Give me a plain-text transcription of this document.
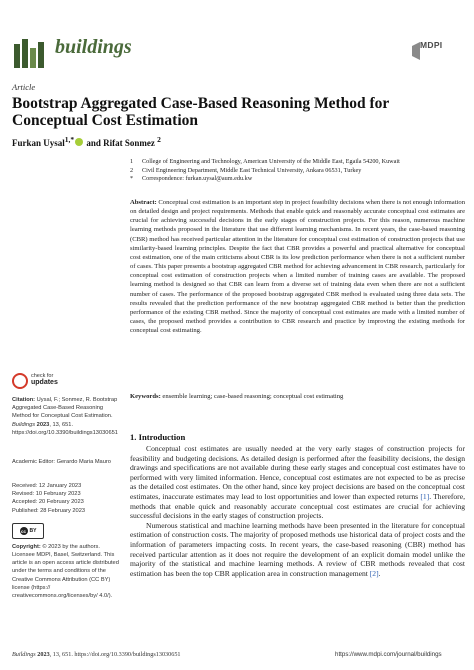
buildings	MDPI
Article
Bootstrap Aggregated Case-Based Reasoning Method for Conceptual Cost Estimation
Furkan Uysal$^{1,*}$ and Rifat Sonmez $^2$
1	College of Engineering and Technology, American University of the Middle East, Egaila 54200, Kuwait
2	Civil Engineering Department, Middle East Technical University, Ankara 06531, Turkey
*	Correspondence: furkan.uysal@aum.edu.kw
Abstract: Conceptual cost estimation is an important step in project feasibility decisions when there is not enough information on detailed design and project requirements. Methods that enable quick and reasonably accurate conceptual cost estimates are crucial for achieving successful decisions in the early stages of construction projects. For this reason, numerous machine learning methods proposed in the literature that use different learning mechanisms. In recent years, the case-based reasoning (CBR) method has received particular attention in the literature for conceptual cost estimation of construction projects that use similarity-based learning principles. Despite the fact that CBR provides a powerful and practical alternative for conceptual cost estimation, one of the main criticisms about CBR is its low prediction performance when there is not a sufficient number of cases. This paper presents a bootstrap aggregated CBR method for achieving advancement in CBR research, particularly for conceptual cost estimation of construction projects when a limited number of training cases are available. The proposed learning method is designed so that CBR can learn from a diverse set of training data even when there are not a sufficient number of cases. The performance of the proposed bootstrap aggregated CBR method is evaluated using three data sets. The results revealed that the prediction performance of the new bootstrap aggregated CBR method is better than the prediction performance of the existing CBR method. Since the majority of conceptual cost estimates are made with a limited number of cases, the proposed method provides a contribution to CBR research and practice by improving the existing methods for conceptual cost estimating.
Keywords: ensemble learning; case-based reasoning; conceptual cost estimating
check for
updates
Citation: Uysal, F.; Sonmez, R. Bootstrap Aggregated Case-Based Reasoning Method for Conceptual Cost Estimation. Buildings 2023, 13, 651. https://doi.org/10.3390/buildings13030651
Academic Editor: Gerardo Maria Mauro
Received: 12 January 2023
Revised: 10 February 2023
Accepted: 20 February 2023
Published: 28 February 2023
cc BY
Copyright: © 2023 by the authors. Licensee MDPI, Basel, Switzerland. This article is an open access article distributed under the terms and conditions of the Creative Commons Attribution (CC BY) license (https:// creativecommons.org/licenses/by/ 4.0/).
1. Introduction

Conceptual cost estimates are usually needed at the very early stages of construction projects for feasibility and budgeting decisions. As detailed design is performed after the feasibility decisions, the design drawings and specifications are not available during these early stages and conceptual cost estimates have to performed with very limited information. Hence, conceptual cost estimates are not expected to be as precise as the detailed cost estimates. On the other hand, since key project decisions are based on the conceptual cost estimates, inaccurate estimates may lead to lost opportunities and lower than expected returns [1]. Therefore, methods that enable quick and reasonably accurate conceptual cost estimates are crucial for achieving successful decisions in the early stages of construction projects.

Numerous statistical and machine learning methods have been presented in the literature for conceptual estimation of construction costs. The majority of proposed methods use historical data of project costs and the information of parameters impacting costs. In recent years, the case-based reasoning (CBR) method has received particular attention as it does not require the development of an explicit domain model unlike the majority of the statistical and machine learning methods. A review of CBR methods revealed that cost estimation has been the top CBR application area in construction management [2].

Buildings 2023, 13, 651. https://doi.org/10.3390/buildings13030651	https://www.mdpi.com/journal/buildings
